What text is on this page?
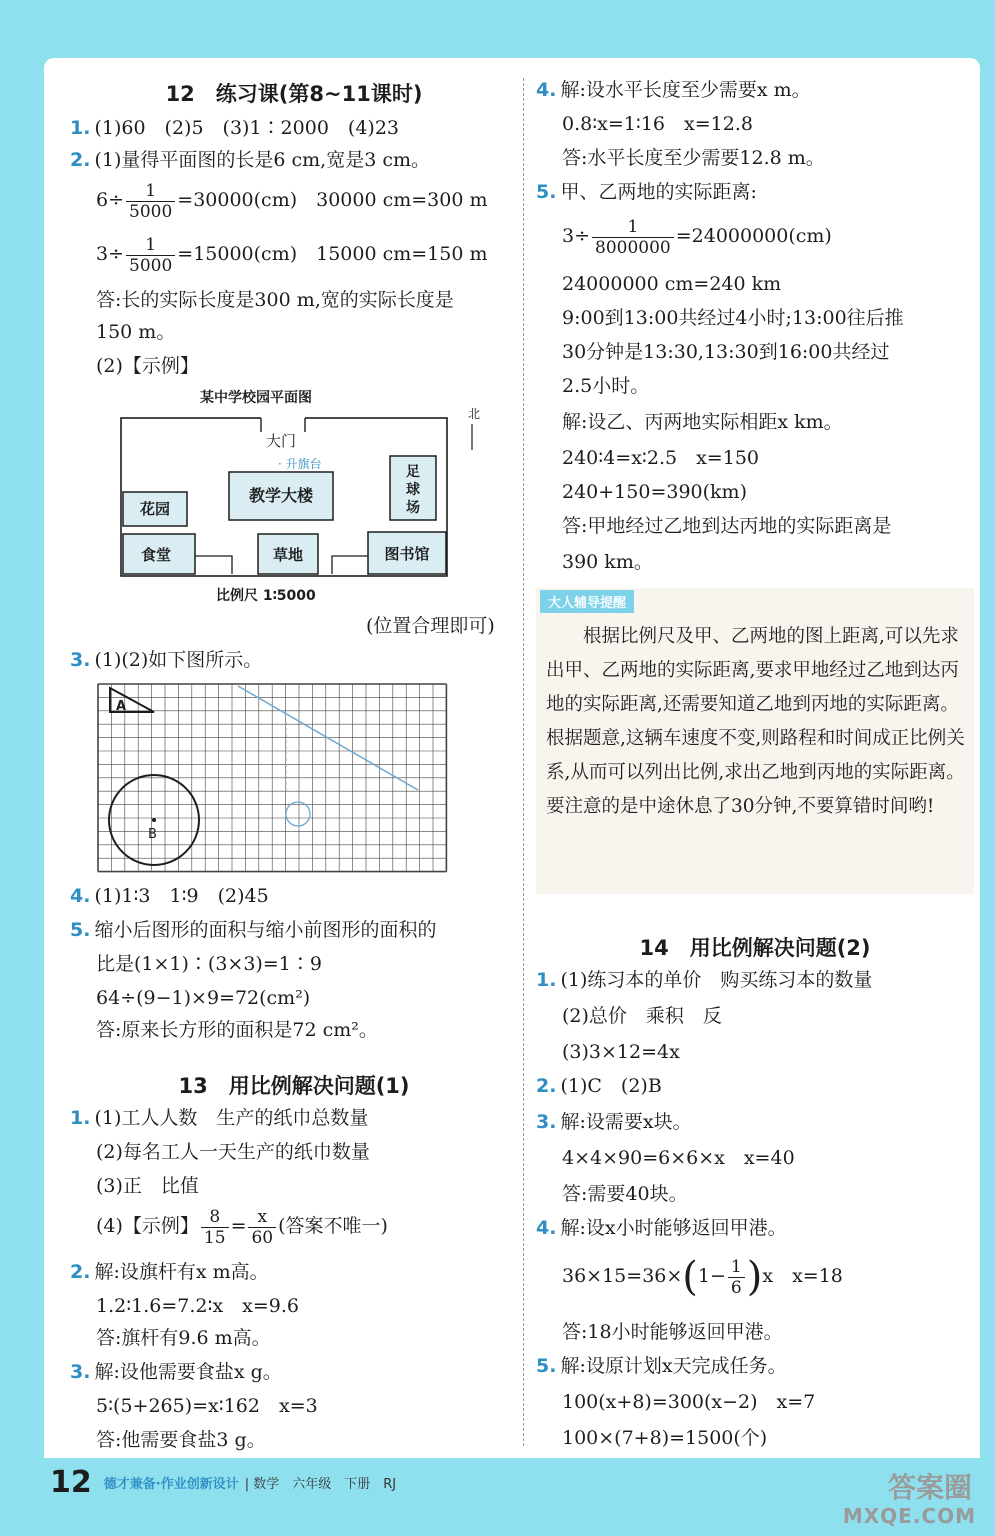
12　练习课(第8~11课时)
1. (1)60　(2)5　(3)1∶2000　(4)23
2. (1)量得平面图的长是6 cm,宽是3 cm。
$6\div \frac{1}{5000} =30000(cm)$　30000 cm=300 m
$3\div \frac{1}{5000} =15000(cm)$　15000 cm=150 m
答:长的实际长度是300 m,宽的实际长度是
150 m。
(2)【示例】
某中学校园平面图
北
大门
· 升旗台	足
球
场
教学大楼
花园
食堂	草地	图书馆
比例尺 1∶5000
(位置合理即可)
3. (1)(2)如下图所示。
A
B
4. (1)1∶3　1∶9　(2)45
5. 缩小后图形的面积与缩小前图形的面积的
比是(1×1)∶(3×3)=1∶9
64÷(9−1)×9=72(cm²)
答:原来长方形的面积是72 cm²。
13　用比例解决问题(1)
1. (1)工人人数　生产的纸巾总数量
(2)每名工人一天生产的纸巾数量
(3)正　比值
(4)【示例】 $\frac{8}{15} = \frac{x}{60}$ (答案不唯一)
2. 解:设旗杆有x m高。
1.2∶1.6=7.2∶x　x=9.6
答:旗杆有9.6 m高。
3. 解:设他需要食盐x g。
5∶(5+265)=x∶162　x=3
答:他需要食盐3 g。
4. 解:设水平长度至少需要x m。
0.8∶x=1∶16　x=12.8
答:水平长度至少需要12.8 m。
5. 甲、乙两地的实际距离:
$3\div \frac{1}{8000000} =24000000(cm)$
24000000 cm=240 km
9:00到13:00共经过4小时;13:00往后推
30分钟是13:30,13:30到16:00共经过
2.5小时。
解:设乙、丙两地实际相距x km。
240∶4=x∶2.5　x=150
240+150=390(km)
答:甲地经过乙地到达丙地的实际距离是
390 km。
大人辅导提醒
根据比例尺及甲、乙两地的图上距离,可以先求出甲、乙两地的实际距离,要求甲地经过乙地到达丙地的实际距离,还需要知道乙地到丙地的实际距离。根据题意,这辆车速度不变,则路程和时间成正比例关系,从而可以列出比例,求出乙地到丙地的实际距离。要注意的是中途休息了30分钟,不要算错时间哟!
14　用比例解决问题(2)
1. (1)练习本的单价　购买练习本的数量
(2)总价　乘积　反
(3)3×12=4x
2. (1)C　(2)B
3. 解:设需要x块。
4×4×90=6×6×x　x=40
答:需要40块。
4. 解:设x小时能够返回甲港。
$36\times 15=36\times(1- \frac{1}{6} )x$　x=18
答:18小时能够返回甲港。
5. 解:设原计划x天完成任务。
100(x+8)=300(x−2)　x=7
100×(7+8)=1500(个)
12 德才兼备·作业创新设计 | 数学　六年级　下册　RJ	答案圈
MXQE.COM
